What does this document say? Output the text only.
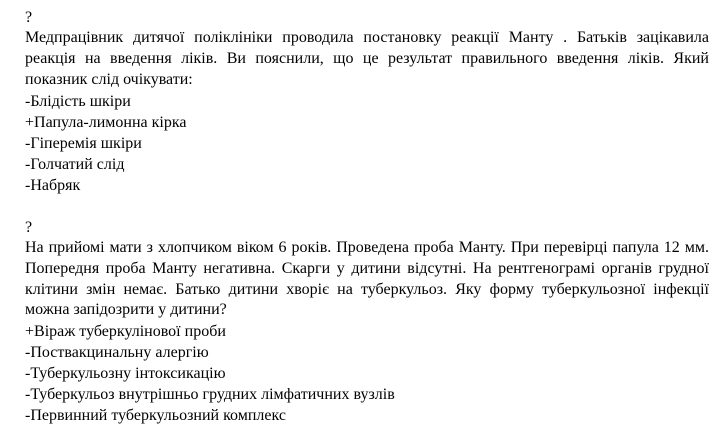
?
Медпрацівник дитячої поліклініки проводила постановку реакції Манту . Батьків зацікавила реакція на введення ліків. Ви пояснили, що це результат правильного введення ліків. Який показник слід очікувати:
-Блідість шкіри
+Папула-лимонна кірка
-Гіперемія шкіри
-Голчатий слід
-Набряк
?
На прийомі мати з хлопчиком віком 6 років. Проведена проба Манту. При перевірці папула 12 мм. Попередня проба Манту негативна. Скарги у дитини відсутні. На рентгенограмі органів грудної клітини змін немає. Батько дитини хворіє на туберкульоз. Яку форму туберкульозної інфекції можна запідозрити у дитини?
+Віраж туберкулінової проби
-Поствакцинальну алергію
-Туберкульозну інтоксикацію
-Туберкульоз внутрішньо грудних лімфатичних вузлів
-Первинний туберкульозний комплекс
